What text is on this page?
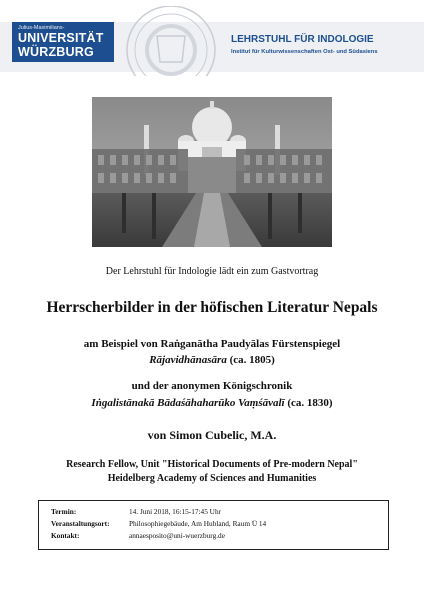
Julius-Maximilians-
UNIVERSITÄT
WÜRZBURG
LEHRSTUHL FÜR INDOLOGIE
Institut für Kulturwissenschaften Ost- und Südasiens
Der Lehrstuhl für Indologie lädt ein zum Gastvortrag
Herrscherbilder in der höfischen Literatur Nepals
am Beispiel von Raṅganātha Paudyālas Fürstenspiegel
Rājavidhānasāra (ca. 1805)
und der anonymen Königschronik
Iṅgalistānakā Bādaśāhaharūko Vaṃśāvalī (ca. 1830)
von Simon Cubelic, M.A.
Research Fellow, Unit "Historical Documents of Pre-modern Nepal"
Heidelberg Academy of Sciences and Humanities
Termin:	14. Juni 2018, 16:15-17:45 Uhr
Veranstaltungsort:	Philosophiegebäude, Am Hubland, Raum Ü 14
Kontakt:	annaesposito@uni-wuerzburg.de
